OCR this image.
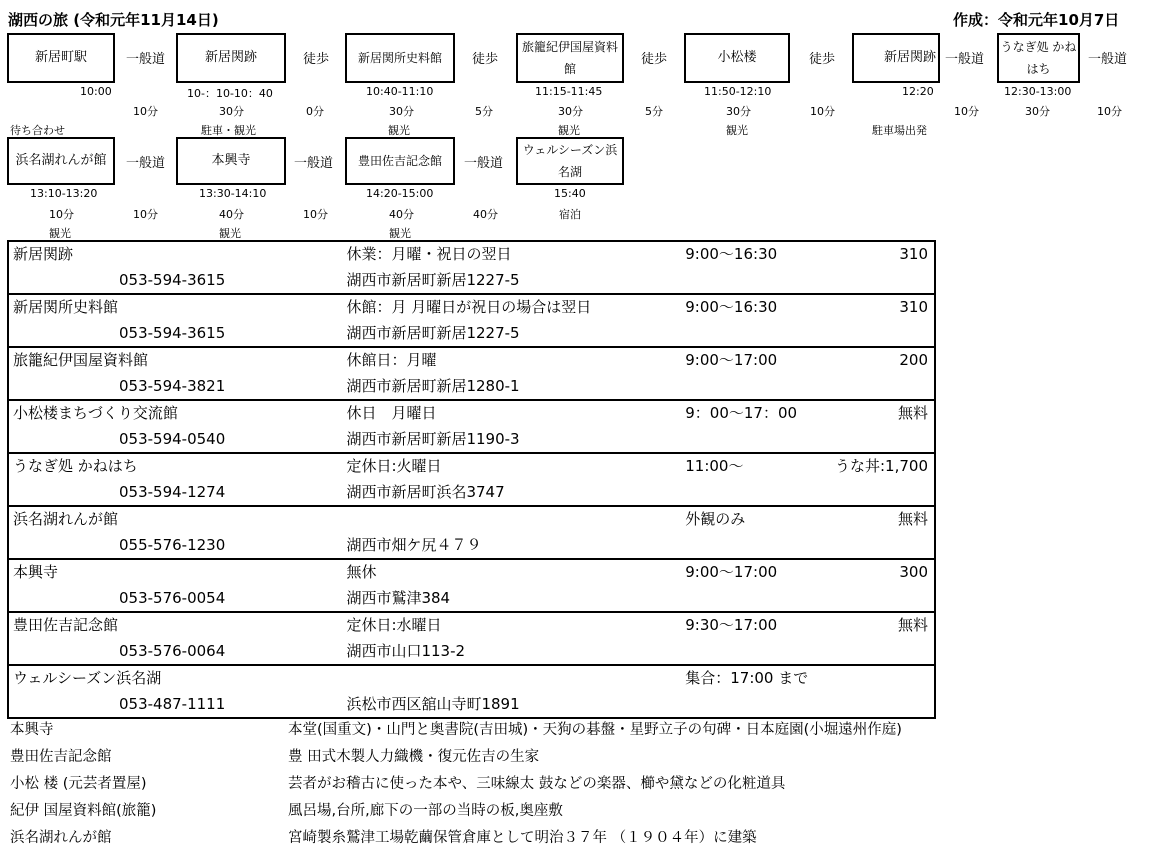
湖西の旅 (令和元年11月14日)	作成：令和元年10月7日
新居町駅	新居関跡	新居関所史料館
旅籠紀伊国屋資料館
小松楼	新居関跡
うなぎ処 かねはち
一般道	徒歩	徒歩	徒歩	徒歩	一般道	一般道
10:00	10-：10-10：40	10:40-11:10	11:15-11:45	11:50-12:10	12:20	12:30-13:00
10分	30分	0分	30分	5分	30分	5分	30分	10分	10分	30分	10分
待ち合わせ	駐車・観光	観光	観光	観光	駐車場出発
浜名湖れんが館	本興寺	豊田佐吉記念館
ウェルシーズン浜名湖
一般道	一般道	一般道
13:10-13:20	13:30-14:10	14:20-15:00	15:40
10分	10分	40分	10分	40分	40分	宿泊
観光	観光	観光
新居関跡	休業：月曜・祝日の翌日	9:00～16:30	310
053-594-3615	湖西市新居町新居1227-5		
新居関所史料館	休館：月 月曜日が祝日の場合は翌日	9:00～16:30	310
053-594-3615	湖西市新居町新居1227-5		
旅籠紀伊国屋資料館	休館日：月曜	9:00～17:00	200
053-594-3821	湖西市新居町新居1280-1		
小松楼まちづくり交流館	休日　月曜日	9：00～17：00	無料
053-594-0540	湖西市新居町新居1190-3		
うなぎ処 かねはち	定休日:火曜日	11:00～	うな丼:1,700
053-594-1274	湖西市新居町浜名3747		
浜名湖れんが館		外観のみ	無料
055-576-1230	湖西市畑ケ尻４７９		
本興寺	無休	9:00～17:00	300
053-576-0054	湖西市鷲津384		
豊田佐吉記念館	定休日:水曜日	9:30～17:00	無料
053-576-0064	湖西市山口113-2		
ウェルシーズン浜名湖		集合：17:00 まで	
053-487-1111	浜松市西区舘山寺町1891		
本興寺	本堂(国重文)・山門と奥書院(吉田城)・天狗の碁盤・星野立子の句碑・日本庭園(小堀遠州作庭)
豊田佐吉記念館	豊 田式木製人力織機・復元佐吉の生家
小松 楼 (元芸者置屋)	芸者がお稽古に使った本や、三味線太 鼓などの楽器、櫛や黛などの化粧道具
紀伊 国屋資料館(旅籠)	風呂場,台所,廊下の一部の当時の板,奥座敷
浜名湖れんが館	宮崎製糸鷲津工場乾繭保管倉庫として明治３７年 （１９０４年）に建築
